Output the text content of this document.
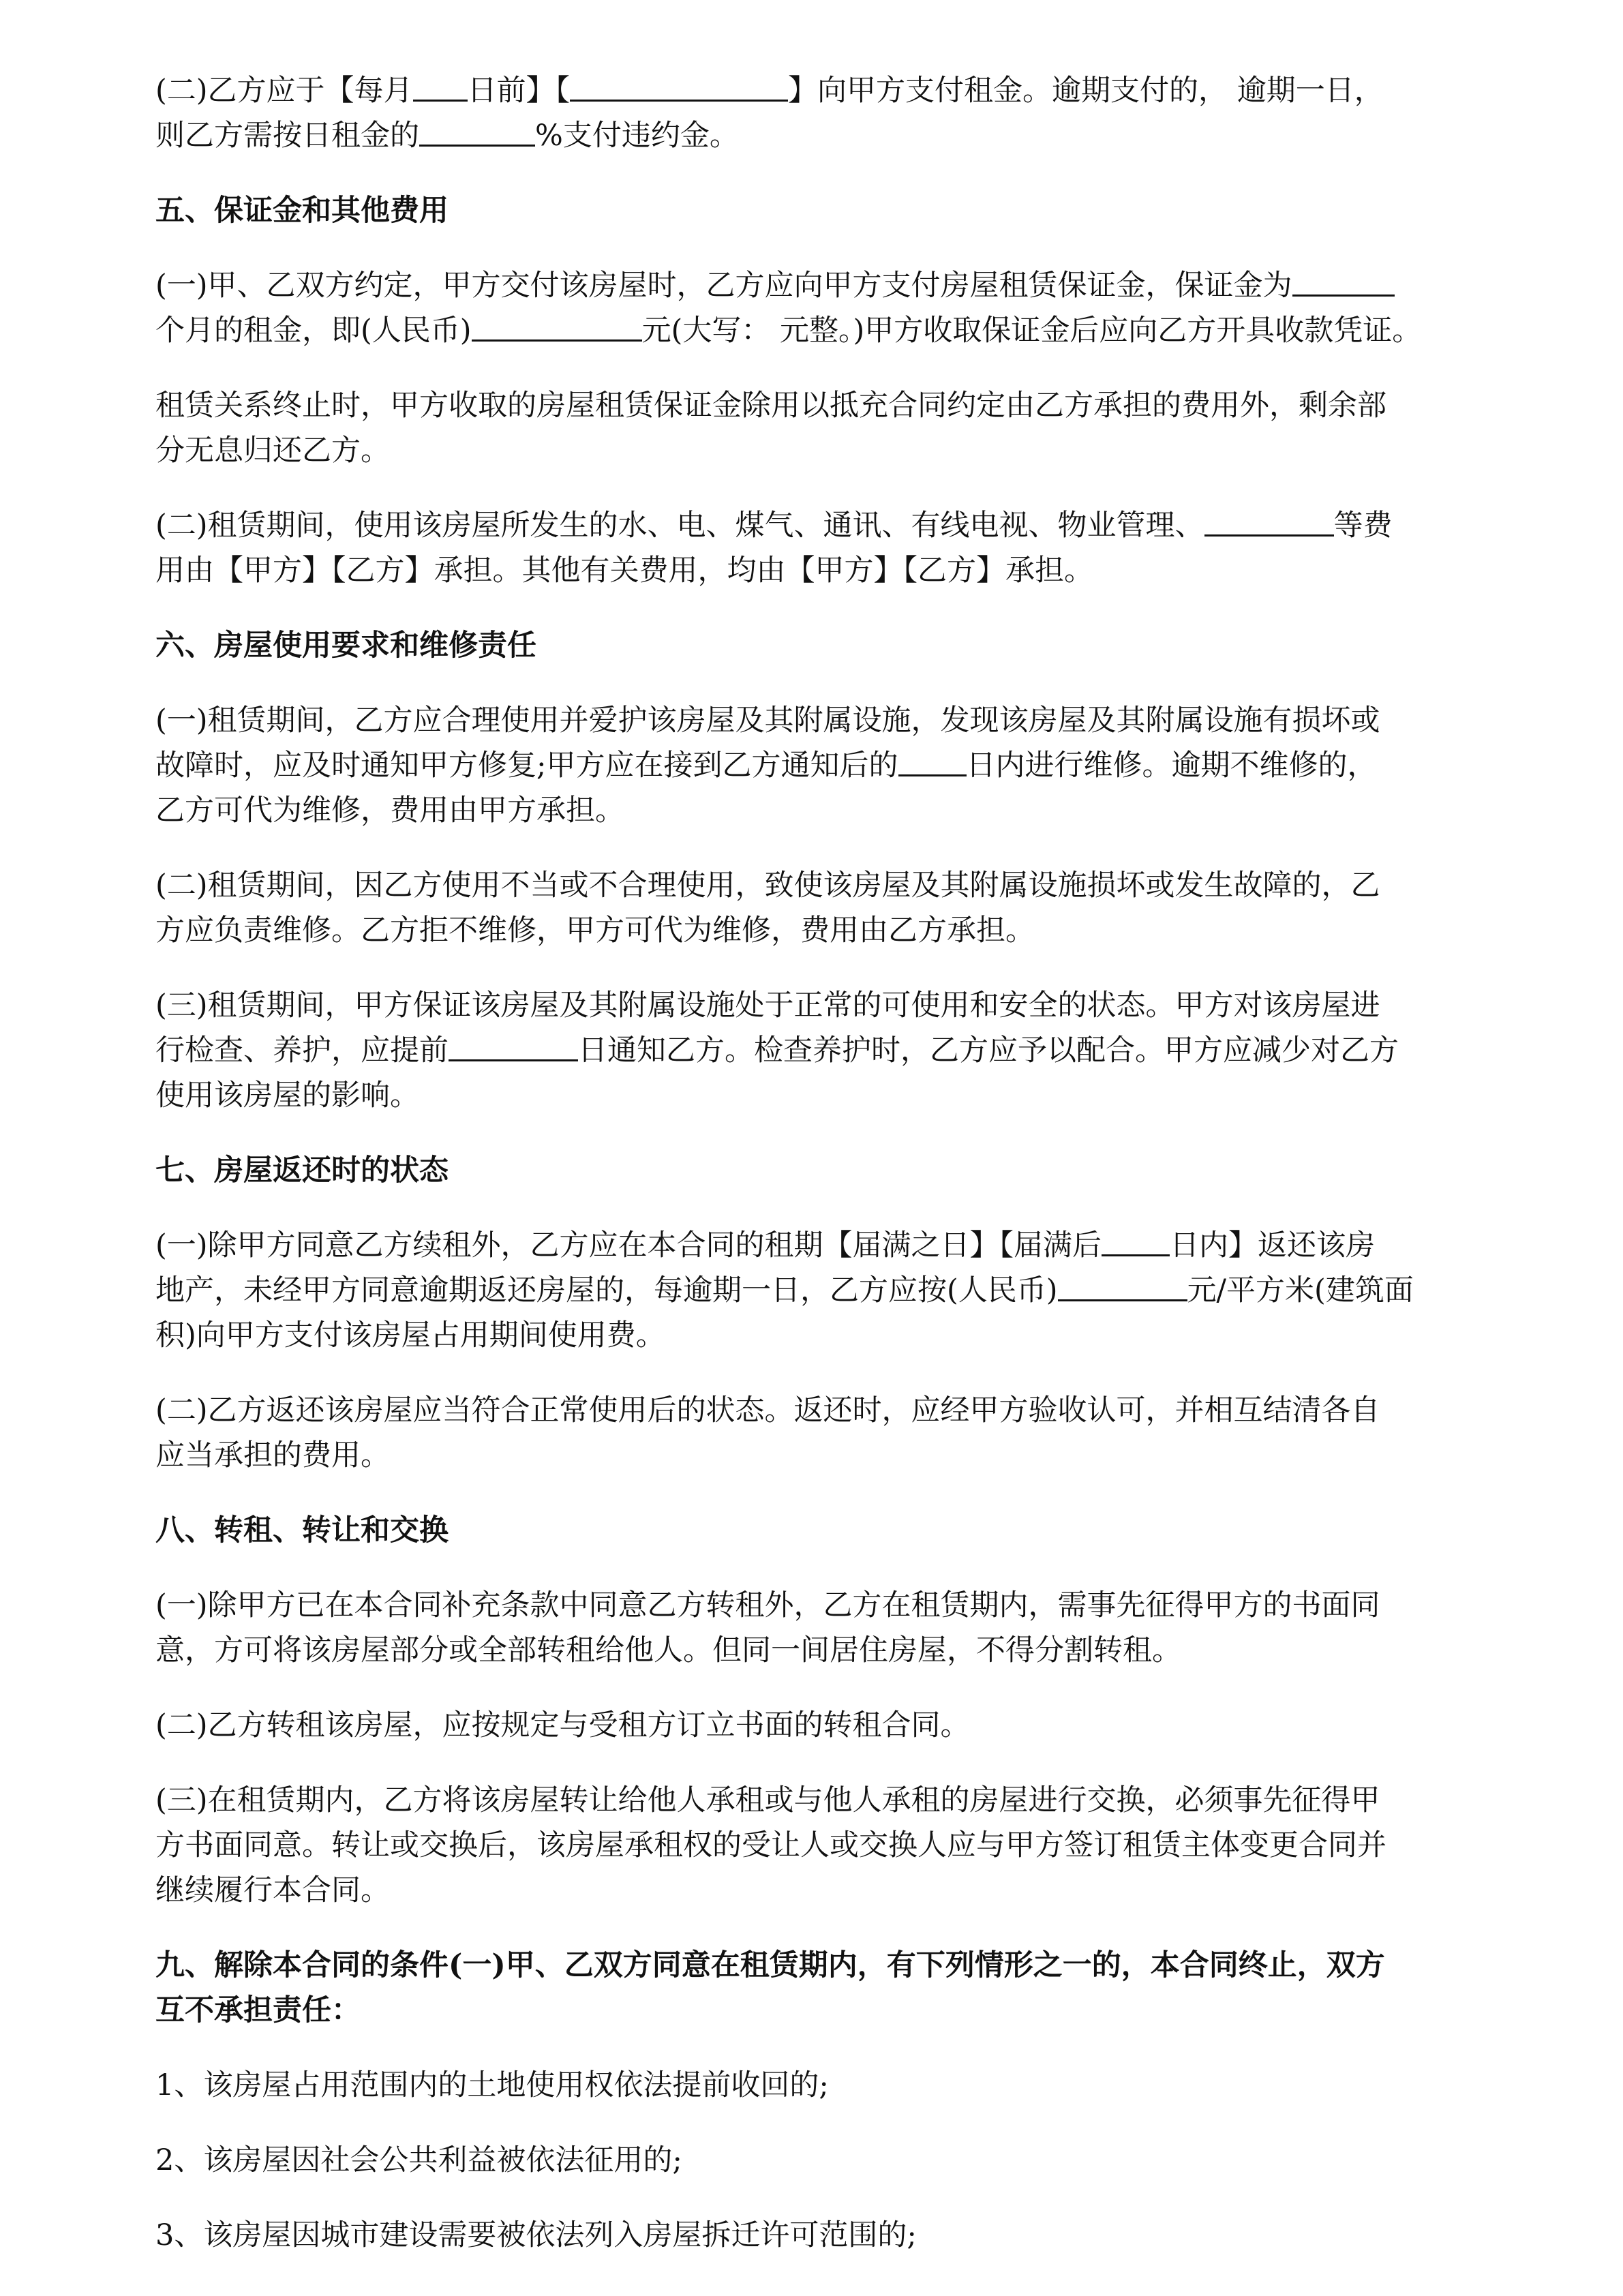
(二)乙方应于【每月 日前】【	】向甲方支付租金。逾期支付的， 逾期一日，
则乙方需按日租金的	%支付违约金。
五、保证金和其他费用
(一)甲、乙双方约定，甲方交付该房屋时，乙方应向甲方支付房屋租赁保证金，保证金为
个月的租金，即(人民币)	元(大写： 元整。)甲方收取保证金后应向乙方开具收款凭证。
租赁关系终止时，甲方收取的房屋租赁保证金除用以抵充合同约定由乙方承担的费用外，剩余部
分无息归还乙方。
(二)租赁期间，使用该房屋所发生的水、电、煤气、通讯、有线电视、物业管理、	等费
用由【甲方】【乙方】承担。其他有关费用，均由【甲方】【乙方】承担。
六、房屋使用要求和维修责任
(一)租赁期间，乙方应合理使用并爱护该房屋及其附属设施，发现该房屋及其附属设施有损坏或
故障时，应及时通知甲方修复;甲方应在接到乙方通知后的 日内进行维修。逾期不维修的，
乙方可代为维修，费用由甲方承担。
(二)租赁期间，因乙方使用不当或不合理使用，致使该房屋及其附属设施损坏或发生故障的，乙
方应负责维修。乙方拒不维修，甲方可代为维修，费用由乙方承担。
(三)租赁期间，甲方保证该房屋及其附属设施处于正常的可使用和安全的状态。甲方对该房屋进
行检查、养护，应提前	日通知乙方。检查养护时，乙方应予以配合。甲方应减少对乙方
使用该房屋的影响。
七、房屋返还时的状态
(一)除甲方同意乙方续租外，乙方应在本合同的租期【届满之日】【届满后 日内】返还该房
地产，未经甲方同意逾期返还房屋的，每逾期一日，乙方应按(人民币)	元/平方米(建筑面
积)向甲方支付该房屋占用期间使用费。
(二)乙方返还该房屋应当符合正常使用后的状态。返还时，应经甲方验收认可，并相互结清各自
应当承担的费用。
八、转租、转让和交换
(一)除甲方已在本合同补充条款中同意乙方转租外，乙方在租赁期内，需事先征得甲方的书面同
意，方可将该房屋部分或全部转租给他人。但同一间居住房屋，不得分割转租。
(二)乙方转租该房屋，应按规定与受租方订立书面的转租合同。
(三)在租赁期内，乙方将该房屋转让给他人承租或与他人承租的房屋进行交换，必须事先征得甲
方书面同意。转让或交换后，该房屋承租权的受让人或交换人应与甲方签订租赁主体变更合同并
继续履行本合同。
九、解除本合同的条件(一)甲、乙双方同意在租赁期内，有下列情形之一的，本合同终止，双方
互不承担责任：
1、该房屋占用范围内的土地使用权依法提前收回的;
2、该房屋因社会公共利益被依法征用的;
3、该房屋因城市建设需要被依法列入房屋拆迁许可范围的;
